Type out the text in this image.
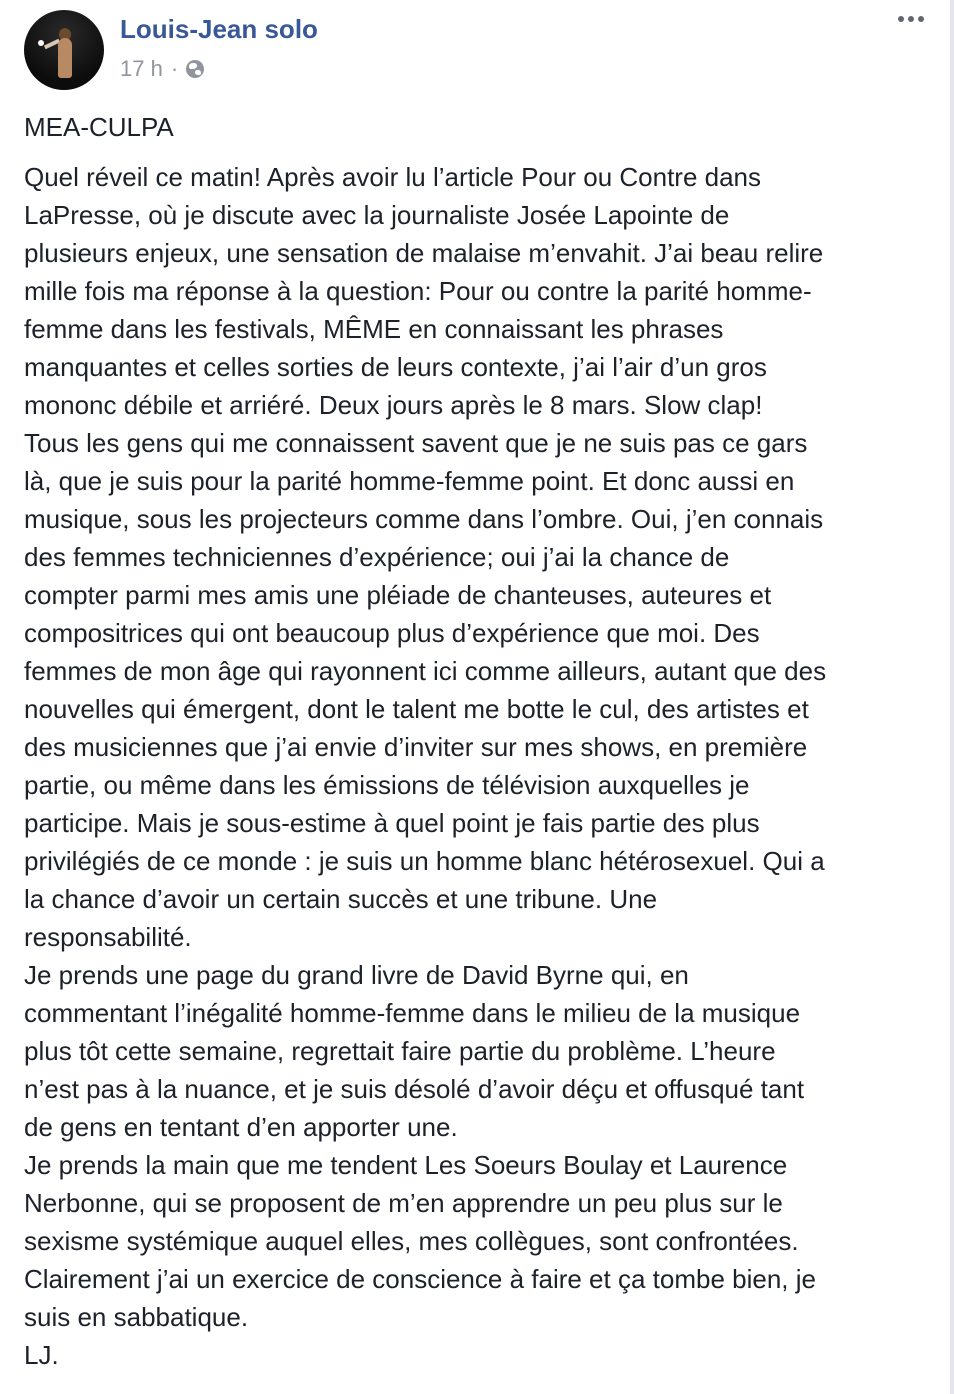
Louis-Jean solo
17 h ·

MEA-CULPA

Quel réveil ce matin! Après avoir lu l’article Pour ou Contre dans

LaPresse, où je discute avec la journaliste Josée Lapointe de

plusieurs enjeux, une sensation de malaise m’envahit. J’ai beau relire

mille fois ma réponse à la question: Pour ou contre la parité homme-

femme dans les festivals, MÊME en connaissant les phrases

manquantes et celles sorties de leurs contexte, j’ai l’air d’un gros

mononc débile et arriéré. Deux jours après le 8 mars. Slow clap!

Tous les gens qui me connaissent savent que je ne suis pas ce gars

là, que je suis pour la parité homme-femme point. Et donc aussi en

musique, sous les projecteurs comme dans l’ombre. Oui, j’en connais

des femmes techniciennes d’expérience; oui j’ai la chance de

compter parmi mes amis une pléiade de chanteuses, auteures et

compositrices qui ont beaucoup plus d’expérience que moi. Des

femmes de mon âge qui rayonnent ici comme ailleurs, autant que des

nouvelles qui émergent, dont le talent me botte le cul, des artistes et

des musiciennes que j’ai envie d’inviter sur mes shows, en première

partie, ou même dans les émissions de télévision auxquelles je

participe. Mais je sous-estime à quel point je fais partie des plus

privilégiés de ce monde : je suis un homme blanc hétérosexuel. Qui a

la chance d’avoir un certain succès et une tribune. Une

responsabilité.

Je prends une page du grand livre de David Byrne qui, en

commentant l’inégalité homme-femme dans le milieu de la musique

plus tôt cette semaine, regrettait faire partie du problème. L’heure

n’est pas à la nuance, et je suis désolé d’avoir déçu et offusqué tant

de gens en tentant d’en apporter une.

Je prends la main que me tendent Les Soeurs Boulay et Laurence

Nerbonne, qui se proposent de m’en apprendre un peu plus sur le

sexisme systémique auquel elles, mes collègues, sont confrontées.

Clairement j’ai un exercice de conscience à faire et ça tombe bien, je

suis en sabbatique.

LJ.
